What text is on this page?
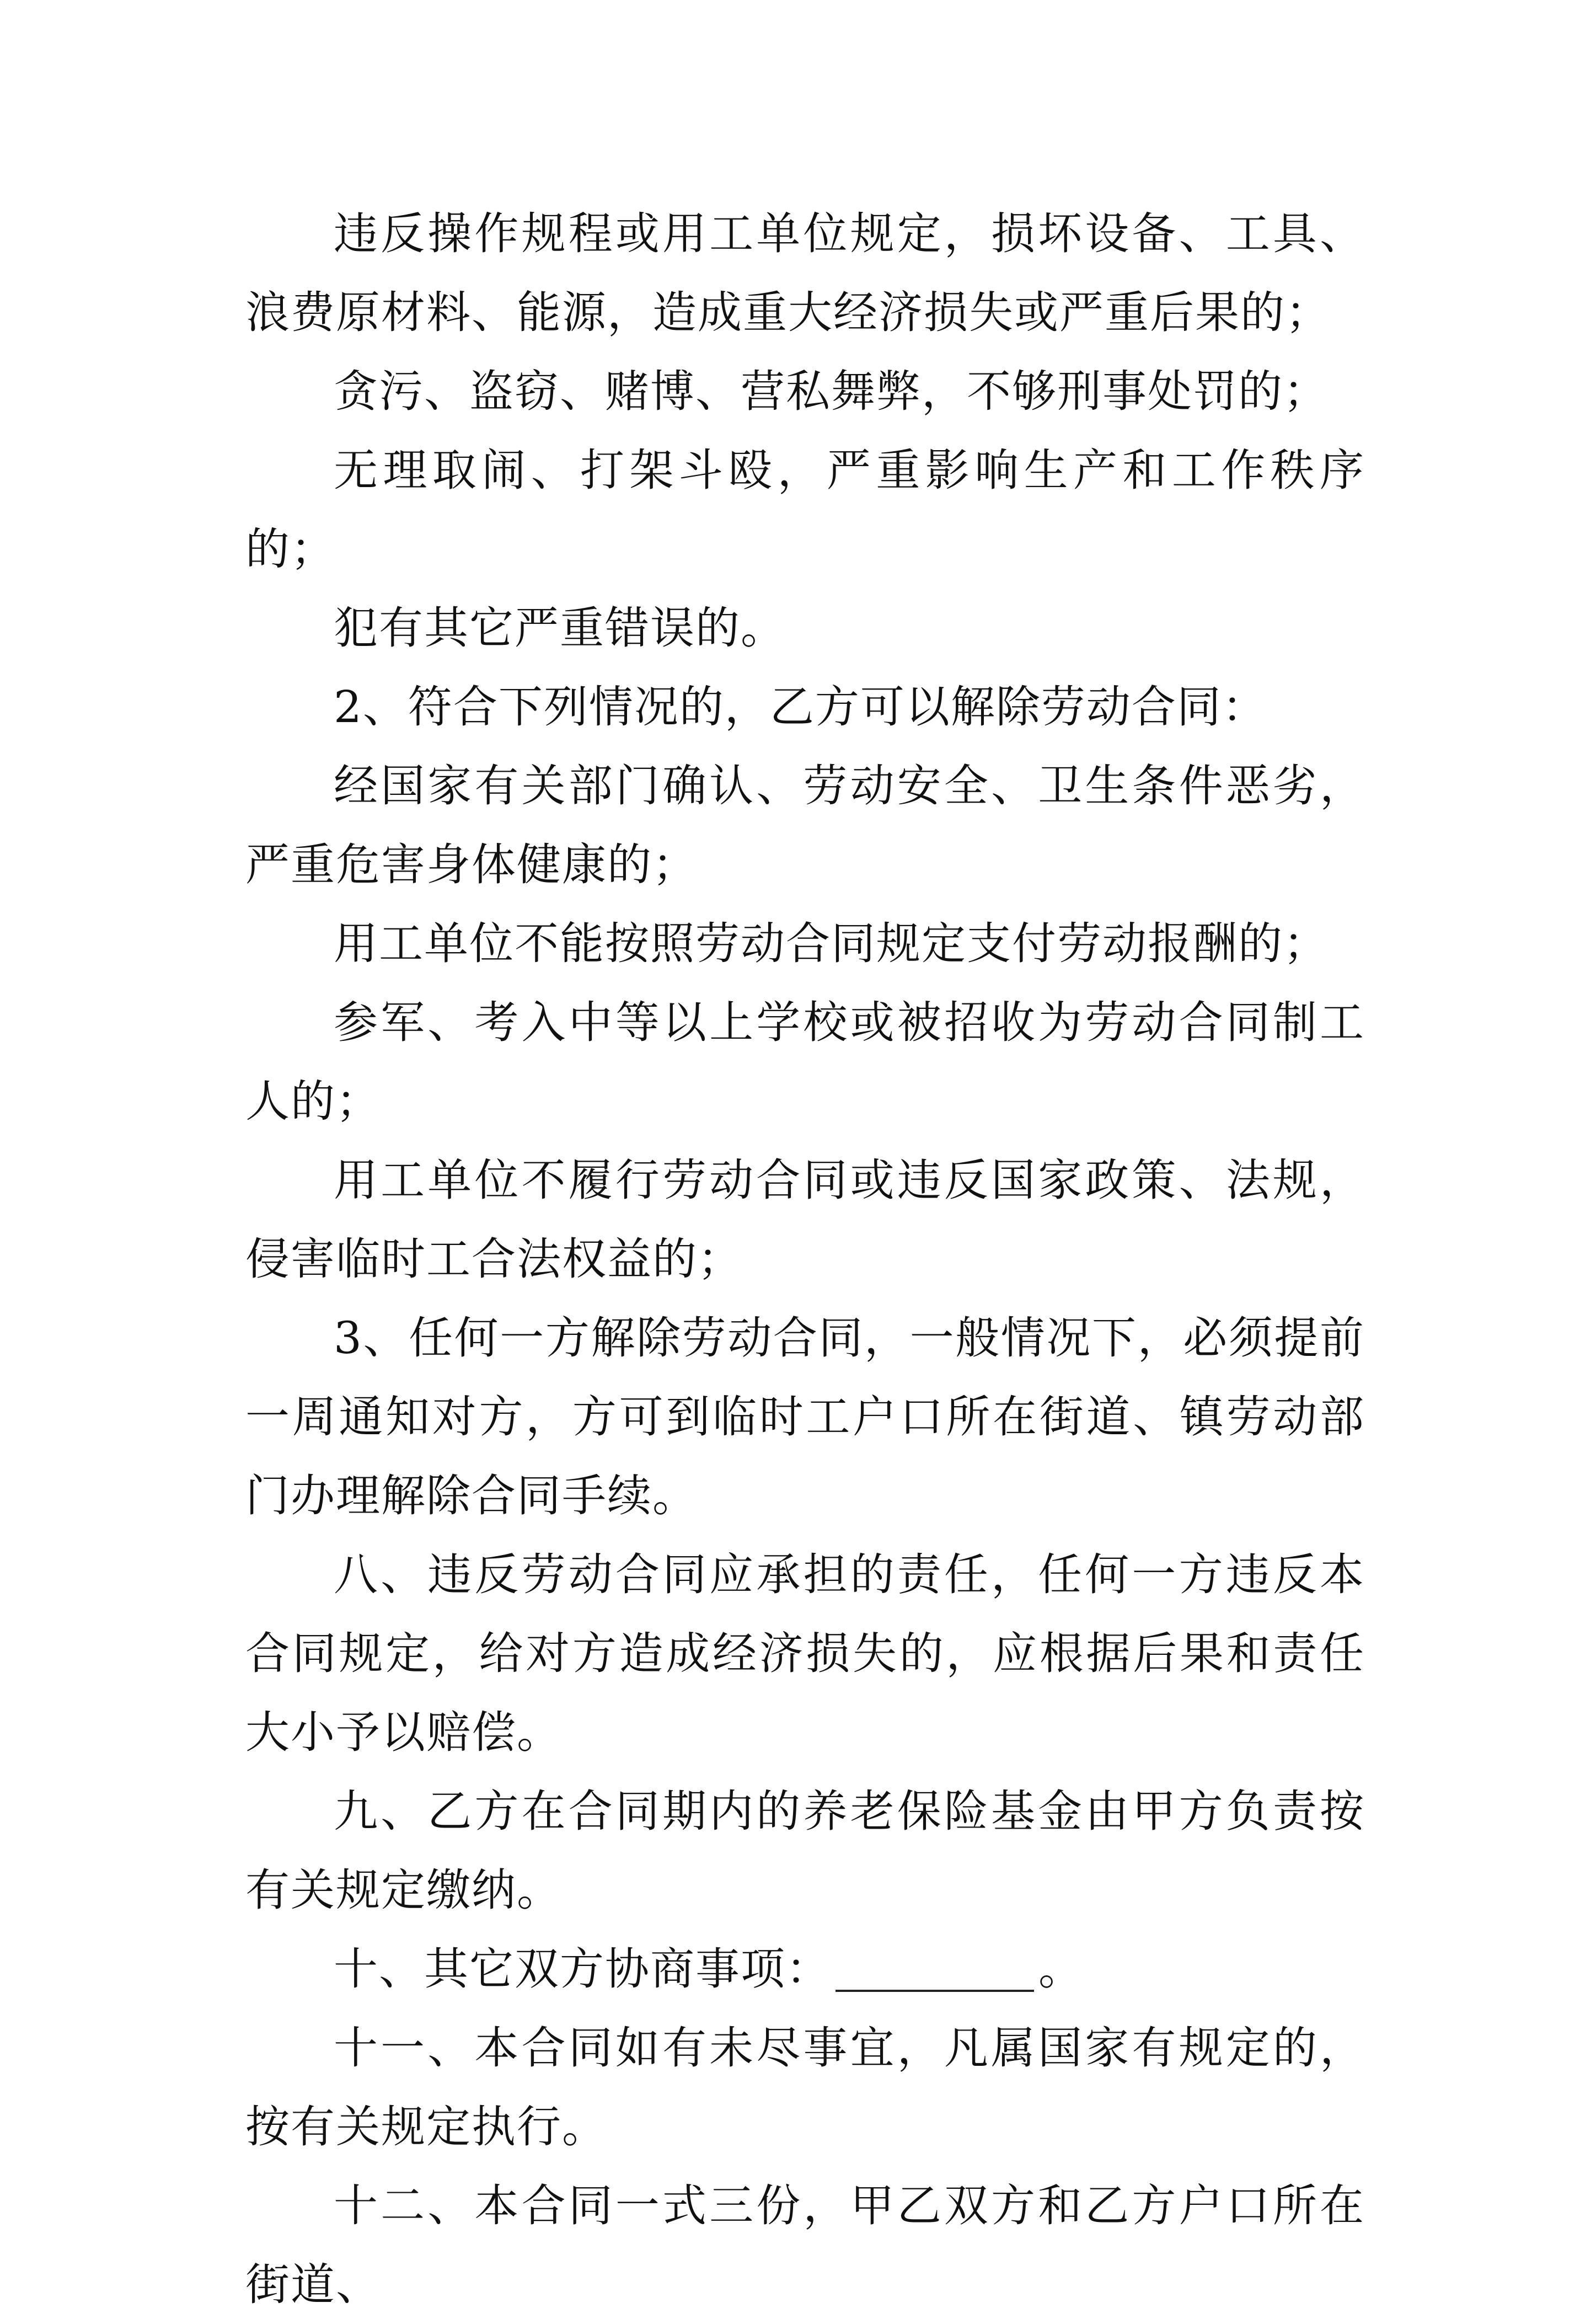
违反操作规程或用工单位规定，损坏设备、工具、浪费原材料、能源，造成重大经济损失或严重后果的；

贪污、盗窃、赌博、营私舞弊，不够刑事处罚的；

无理取闹、打架斗殴，严重影响生产和工作秩序的；

犯有其它严重错误的。

2、符合下列情况的，乙方可以解除劳动合同：

经国家有关部门确认、劳动安全、卫生条件恶劣，严重危害身体健康的；

用工单位不能按照劳动合同规定支付劳动报酬的；

参军、考入中等以上学校或被招收为劳动合同制工人的；

用工单位不履行劳动合同或违反国家政策、法规，侵害临时工合法权益的；

3、任何一方解除劳动合同，一般情况下，必须提前一周通知对方，方可到临时工户口所在街道、镇劳动部门办理解除合同手续。

八、违反劳动合同应承担的责任，任何一方违反本合同规定，给对方造成经济损失的，应根据后果和责任大小予以赔偿。

九、乙方在合同期内的养老保险基金由甲方负责按有关规定缴纳。

十、其它双方协商事项：	。

十一、本合同如有未尽事宜，凡属国家有规定的，按有关规定执行。

十二、本合同一式三份，甲乙双方和乙方户口所在街道、
